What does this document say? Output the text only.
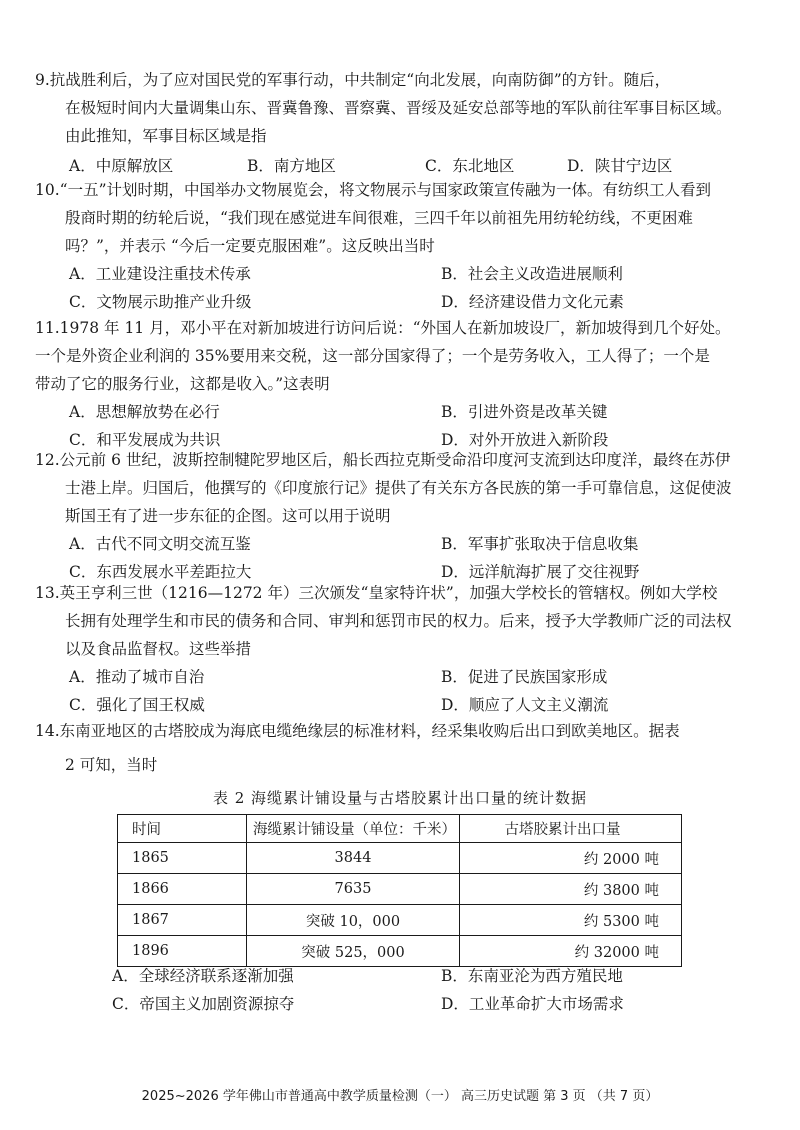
9.抗战胜利后，为了应对国民党的军事行动，中共制定“向北发展，向南防御”的方针。随后，
在极短时间内大量调集山东、晋冀鲁豫、晋察冀、晋绥及延安总部等地的军队前往军事目标区域。
由此推知，军事目标区域是指
A．中原解放区	B．南方地区	C．东北地区	D．陕甘宁边区
10.“一五”计划时期，中国举办文物展览会，将文物展示与国家政策宣传融为一体。有纺织工人看到
殷商时期的纺轮后说，“我们现在感觉进车间很难，三四千年以前祖先用纺轮纺线，不更困难
吗？”，并表示 “今后一定要克服困难”。这反映出当时
A．工业建设注重技术传承	B．社会主义改造进展顺利
C．文物展示助推产业升级	D．经济建设借力文化元素
11.1978 年 11 月，邓小平在对新加坡进行访问后说：“外国人在新加坡设厂，新加坡得到几个好处。
一个是外资企业利润的 35%要用来交税，这一部分国家得了；一个是劳务收入，工人得了；一个是
带动了它的服务行业，这都是收入。”这表明
A．思想解放势在必行	B．引进外资是改革关键
C．和平发展成为共识	D．对外开放进入新阶段
12.公元前 6 世纪，波斯控制犍陀罗地区后，船长西拉克斯受命沿印度河支流到达印度洋，最终在苏伊
士港上岸。归国后，他撰写的《印度旅行记》提供了有关东方各民族的第一手可靠信息，这促使波
斯国王有了进一步东征的企图。这可以用于说明
A．古代不同文明交流互鉴	B．军事扩张取决于信息收集
C．东西发展水平差距拉大	D．远洋航海扩展了交往视野
13.英王亨利三世（1216—1272 年）三次颁发“皇家特许状”，加强大学校长的管辖权。例如大学校
长拥有处理学生和市民的债务和合同、审判和惩罚市民的权力。后来，授予大学教师广泛的司法权
以及食品监督权。这些举措
A．推动了城市自治	B．促进了民族国家形成
C．强化了国王权威	D．顺应了人文主义潮流
14.东南亚地区的古塔胶成为海底电缆绝缘层的标准材料，经采集收购后出口到欧美地区。据表
2 可知，当时
表 2 海缆累计铺设量与古塔胶累计出口量的统计数据
时间	海缆累计铺设量（单位：千米）	古塔胶累计出口量
1865	3844	约 2000 吨
1866	7635	约 3800 吨
1867	突破 10，000	约 5300 吨
1896	突破 525，000	约 32000 吨
A．全球经济联系逐渐加强	B．东南亚沦为西方殖民地
C．帝国主义加剧资源掠夺	D．工业革命扩大市场需求
2025~2026 学年佛山市普通高中教学质量检测（一） 高三历史试题 第 3 页 （共 7 页）
